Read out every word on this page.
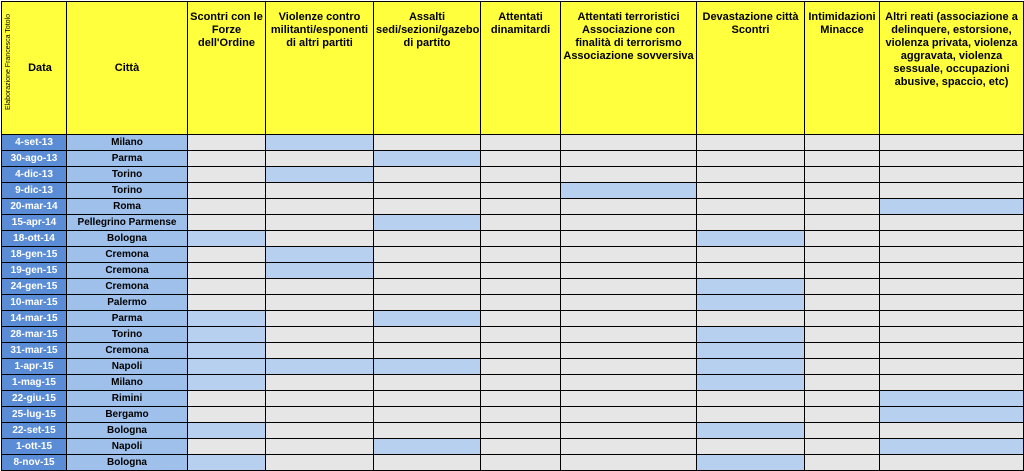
Elaborazione Francesca Totolo Data	Città	Scontri con le Forze dell'Ordine	Violenze contro militanti/esponenti di altri partiti	Assalti sedi/sezioni/gazebo di partito	Attentati dinamitardi	Attentati terroristici Associazione con finalità di terrorismo Associazione sovversiva	Devastazione città Scontri	Intimidazioni Minacce	Altri reati (associazione a delinquere, estorsione, violenza privata, violenza aggravata, violenza sessuale, occupazioni abusive, spaccio, etc)
4-set-13	Milano								
30-ago-13	Parma								
4-dic-13	Torino								
9-dic-13	Torino								
20-mar-14	Roma								
15-apr-14	Pellegrino Parmense								
18-ott-14	Bologna								
18-gen-15	Cremona								
19-gen-15	Cremona								
24-gen-15	Cremona								
10-mar-15	Palermo								
14-mar-15	Parma								
28-mar-15	Torino								
31-mar-15	Cremona								
1-apr-15	Napoli								
1-mag-15	Milano								
22-giu-15	Rimini								
25-lug-15	Bergamo								
22-set-15	Bologna								
1-ott-15	Napoli								
8-nov-15	Bologna								
